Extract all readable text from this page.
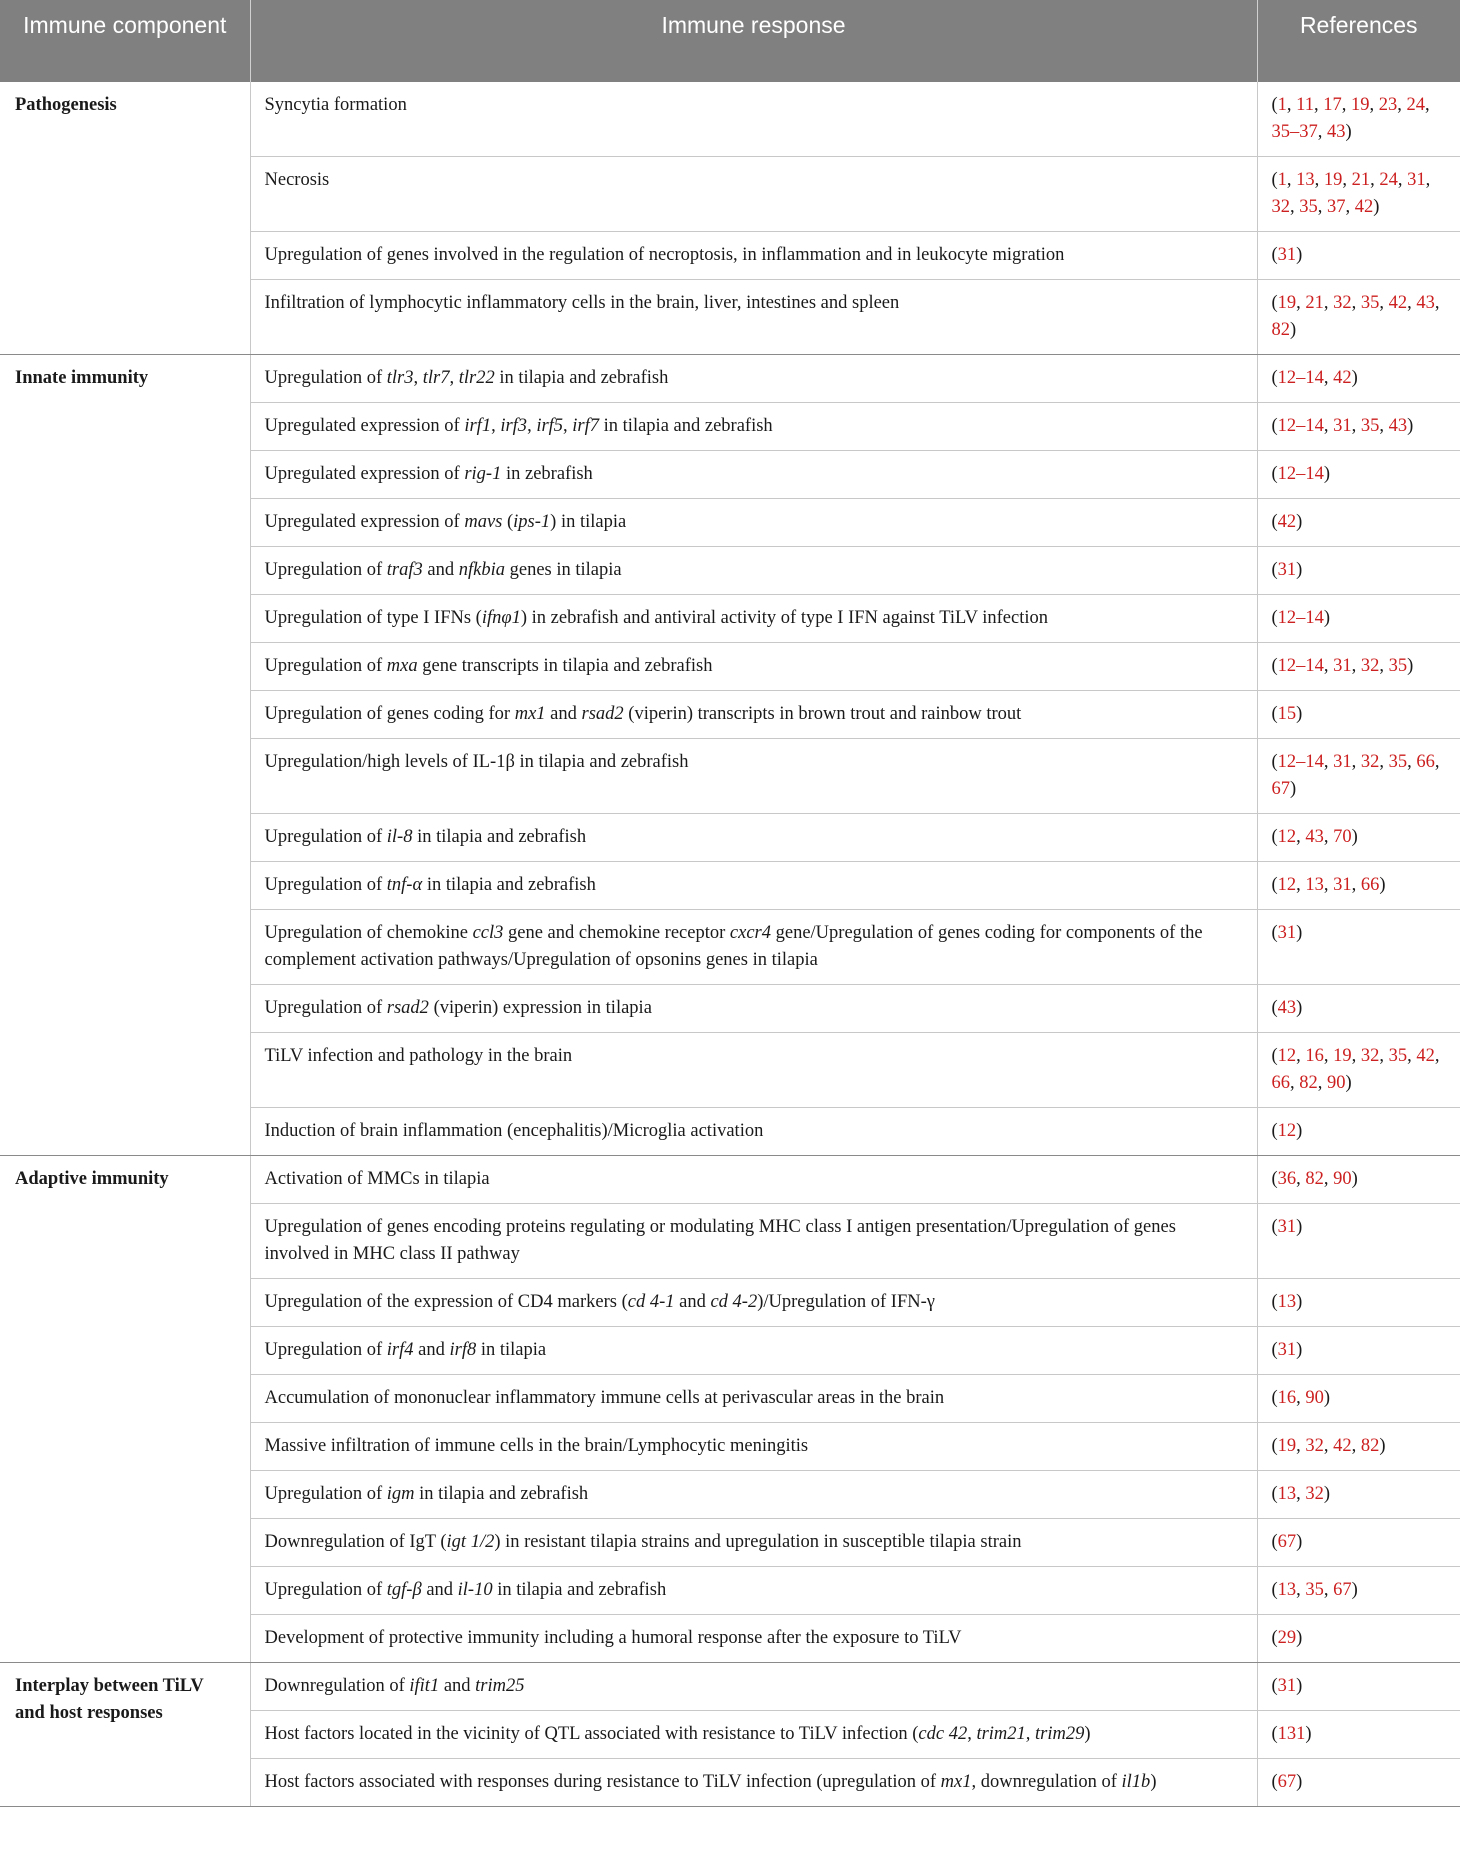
Immune component	Immune response	References
Pathogenesis	Syncytia formation	(1, 11, 17, 19, 23, 24, 35–37, 43)
	Necrosis	(1, 13, 19, 21, 24, 31, 32, 35, 37, 42)
	Upregulation of genes involved in the regulation of necroptosis, in inflammation and in leukocyte migration	(31)
	Infiltration of lymphocytic inflammatory cells in the brain, liver, intestines and spleen	(19, 21, 32, 35, 42, 43, 82)
Innate immunity	Upregulation of tlr3, tlr7, tlr22 in tilapia and zebrafish	(12–14, 42)
	Upregulated expression of irf1, irf3, irf5, irf7 in tilapia and zebrafish	(12–14, 31, 35, 43)
	Upregulated expression of rig-1 in zebrafish	(12–14)
	Upregulated expression of mavs (ips-1) in tilapia	(42)
	Upregulation of traf3 and nfkbia genes in tilapia	(31)
	Upregulation of type I IFNs (ifnφ1) in zebrafish and antiviral activity of type I IFN against TiLV infection	(12–14)
	Upregulation of mxa gene transcripts in tilapia and zebrafish	(12–14, 31, 32, 35)
	Upregulation of genes coding for mx1 and rsad2 (viperin) transcripts in brown trout and rainbow trout	(15)
	Upregulation/high levels of IL-1β in tilapia and zebrafish	(12–14, 31, 32, 35, 66, 67)
	Upregulation of il-8 in tilapia and zebrafish	(12, 43, 70)
	Upregulation of tnf-α in tilapia and zebrafish	(12, 13, 31, 66)
	Upregulation of chemokine ccl3 gene and chemokine receptor cxcr4 gene/Upregulation of genes coding for components of the complement activation pathways/Upregulation of opsonins genes in tilapia	(31)
	Upregulation of rsad2 (viperin) expression in tilapia	(43)
	TiLV infection and pathology in the brain	(12, 16, 19, 32, 35, 42, 66, 82, 90)
	Induction of brain inflammation (encephalitis)/Microglia activation	(12)
Adaptive immunity	Activation of MMCs in tilapia	(36, 82, 90)
	Upregulation of genes encoding proteins regulating or modulating MHC class I antigen presentation/Upregulation of genes involved in MHC class II pathway	(31)
	Upregulation of the expression of CD4 markers (cd 4-1 and cd 4-2)/Upregulation of IFN-γ	(13)
	Upregulation of irf4 and irf8 in tilapia	(31)
	Accumulation of mononuclear inflammatory immune cells at perivascular areas in the brain	(16, 90)
	Massive infiltration of immune cells in the brain/Lymphocytic meningitis	(19, 32, 42, 82)
	Upregulation of igm in tilapia and zebrafish	(13, 32)
	Downregulation of IgT (igt 1/2) in resistant tilapia strains and upregulation in susceptible tilapia strain	(67)
	Upregulation of tgf-β and il-10 in tilapia and zebrafish	(13, 35, 67)
	Development of protective immunity including a humoral response after the exposure to TiLV	(29)
Interplay between TiLV and host responses	Downregulation of ifit1 and trim25	(31)
	Host factors located in the vicinity of QTL associated with resistance to TiLV infection (cdc 42, trim21, trim29)	(131)
	Host factors associated with responses during resistance to TiLV infection (upregulation of mx1, downregulation of il1b)	(67)
